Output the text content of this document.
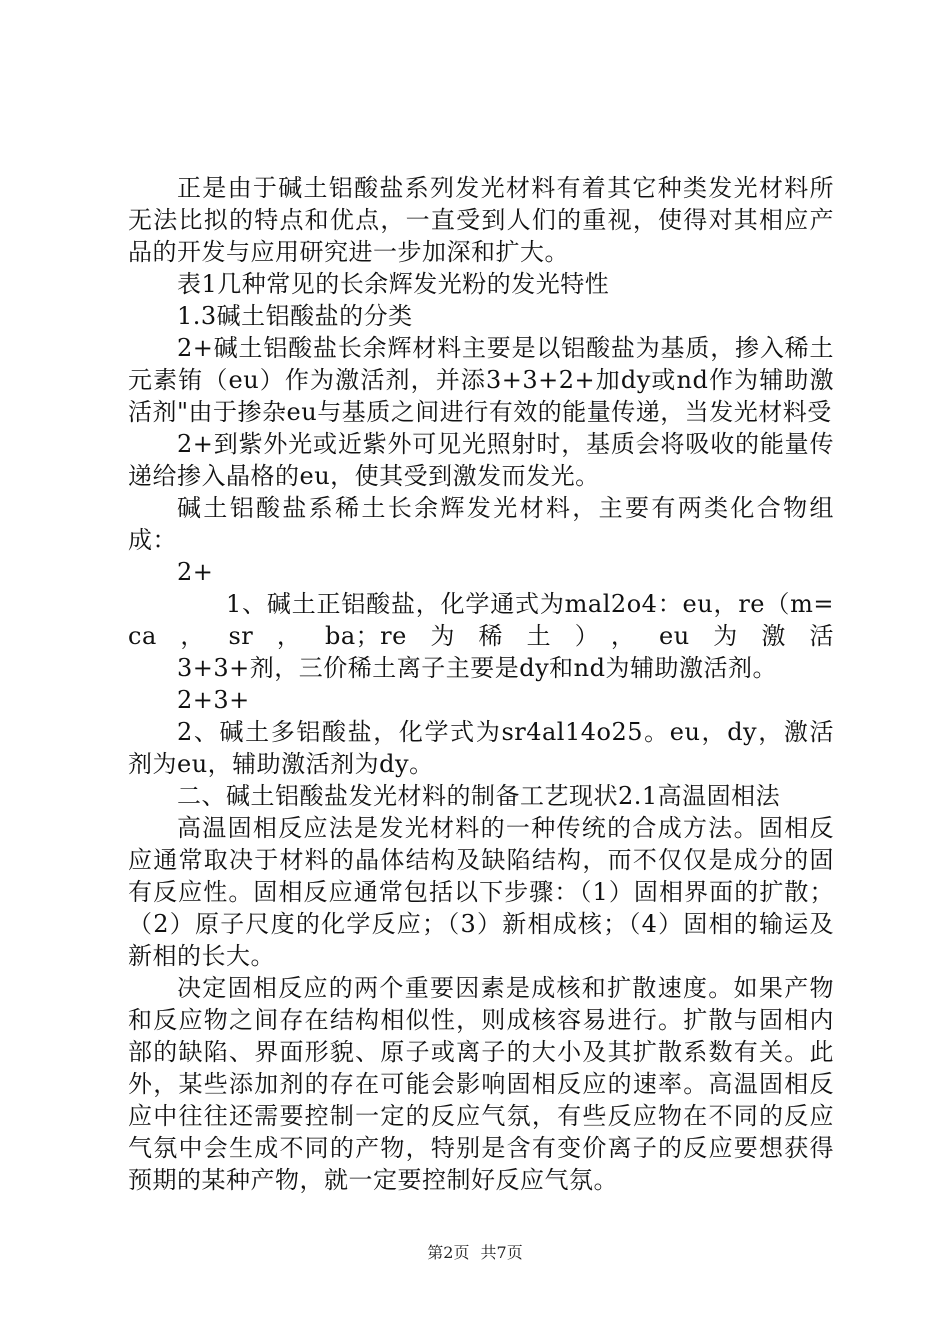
正是由于碱土铝酸盐系列发光材料有着其它种类发光材料所无法比拟的特点和优点，一直受到人们的重视，使得对其相应产品的开发与应用研究进一步加深和扩大。

表1几种常见的长余辉发光粉的发光特性

1.3碱土铝酸盐的分类

2+碱土铝酸盐长余辉材料主要是以铝酸盐为基质，掺入稀土元素铕（eu）作为激活剂，并添3+3+2+加dy或nd作为辅助激活剂"由于掺杂eu与基质之间进行有效的能量传递，当发光材料受

2+到紫外光或近紫外可见光照射时，基质会将吸收的能量传递给掺入晶格的eu，使其受到激发而发光。

碱土铝酸盐系稀土长余辉发光材料，主要有两类化合物组成：

2+

1、碱土正铝酸盐，化学通式为mal2o4：eu，re（m=ca，sr，ba；re为稀土），eu为激活

3+3+剂，三价稀土离子主要是dy和nd为辅助激活剂。

2+3+

2、碱土多铝酸盐，化学式为sr4al14o25。eu，dy，激活剂为eu，辅助激活剂为dy。

二、碱土铝酸盐发光材料的制备工艺现状2.1高温固相法

高温固相反应法是发光材料的一种传统的合成方法。固相反应通常取决于材料的晶体结构及缺陷结构，而不仅仅是成分的固有反应性。固相反应通常包括以下步骤：（1）固相界面的扩散；（2）原子尺度的化学反应；（3）新相成核；（4）固相的输运及新相的长大。

决定固相反应的两个重要因素是成核和扩散速度。如果产物和反应物之间存在结构相似性，则成核容易进行。扩散与固相内部的缺陷、界面形貌、原子或离子的大小及其扩散系数有关。此外，某些添加剂的存在可能会影响固相反应的速率。高温固相反应中往往还需要控制一定的反应气氛，有些反应物在不同的反应气氛中会生成不同的产物，特别是含有变价离子的反应要想获得预期的某种产物，就一定要控制好反应气氛。

第2页 共7页
